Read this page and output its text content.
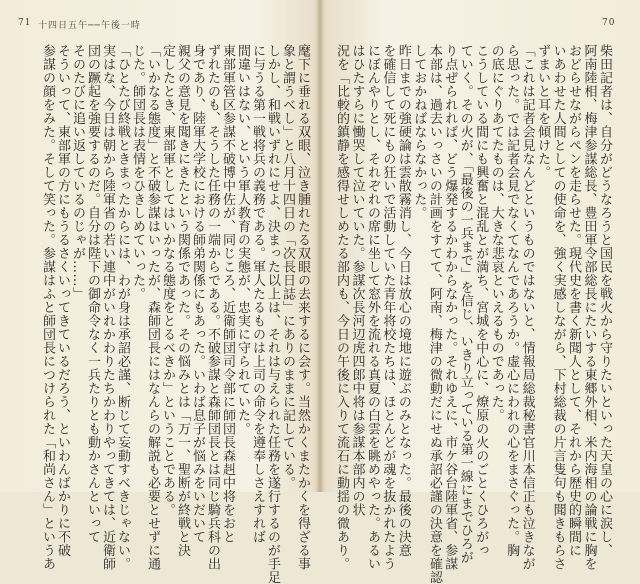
71 十四日五午──午後一時	70
柴田記者は、自分がどうなろうと国民を戦火から守りたいといった天皇の心に涙し、
阿南陸相、梅津参謀総長、豊田軍令部総長にたいする東郷外相、米内海相の論戦に胸を
おどらせながらペンを走らせた。現代史を書く新聞人として、それから歴史的瞬間に
いあわせた人間としての使命を、強く実感しながら、下村総裁の片言隻句も聞きもらさ
ずまいと耳を傾けた。
「これは記者会見なんどというものではないと、情報局総裁秘書官川本信正も泣きなが
ら思った。では記者会見でなくてなんであろうか。虚心にわれの心をまさぐった。胸
の底にぐりあてたものは、大きな悲哀といえるものであった。
こうしている間にも興奮と混乱とが満ち、宮城を中心に、燎原の火のごとくひろがっ
ていく。その火が、「最後の一兵まで」を信じ、いきり立っている第一線にまでひろが
り点ぜられれば、どう爆発するかわからなかった。それゆえに、市ケ谷台陸軍省、参謀
本部は、過去いっさいの計画をすてて、阿南、梅津の微動だにせぬ承詔必謹の決意を確認
しておかねばならなかった。
昨日までの強硬論は雲散霧消し、今日は放心の境地に遊ぶのみとなった。最後の決意
を確信して死にもの狂いで活動していた青年将校たちは、ほとんどが魂を抜かれたよう
にぼんやりとし、それぞれの席に坐して窓外を流れる真夏の白雲を眺めやった。あるい
はひたすらに慟哭して泣いていた。参謀次長河辺虎四郎中将は参謀本部内の状
況を「比較的鎮静を感得せしめたる部内も、今日の午後に入りて流石に動揺の微あり。
麾下に垂れる双眼、泣き腫れたる双眼の去来するに会す。当然かくまたかくを得ざる事
象と謂うべし」と八月十四日の「次長日誌」にありのままに記している。
しかし、和戦いずれにせよ、決まった以上は、それは与えられた任務を遂行するのが手足
に与うる第一戦将兵の義務である。軍人たるものは上司の命令を遵奉しさえすれば
間違いはない、という軍人教育の実態が、忠実に守られていた。
東部軍管区参謀不破博中佐が、同じころ、近衛師団司令部に師団長森赳中将をおと
ずれたのも、そうした任務の一端からである。不破参謀と森師団長とは同じ騎兵科の出
身であり、陸軍大学校における師弟関係にもあった。いわば息子が悩みをいだいて
親父の意見を聞きにきたという関係であった。その悩みとは「万一、聖断が終戦と決
定したとき、東部軍としてはいかなる態度をとるべきか」ということである。
「いかなる態度」と不破参謀はいったが、森師団長にはなんらの解説も必要とせずに通
じた。師団長は表情をひきしめていった。
「ひとたび終戦ときまったからには、わが身は承詔必謹、断じて妄動すべきじゃない。
実はな、今日は朝から陸軍省の若い連中がいれかわりたちかわりやってきては、近衛師
団の蹶起を強要するのだ。自分は陛下の御命令なく一兵たりとも動かさんといって
そのたびに追い返しているのじゃが……」
そういって、東部軍の方にもうるさくいってきているだろう、といわんばかりに不破
参謀の顔をみた。そして笑った。参謀はふと師団長につけられた「和尚さん」というあ
